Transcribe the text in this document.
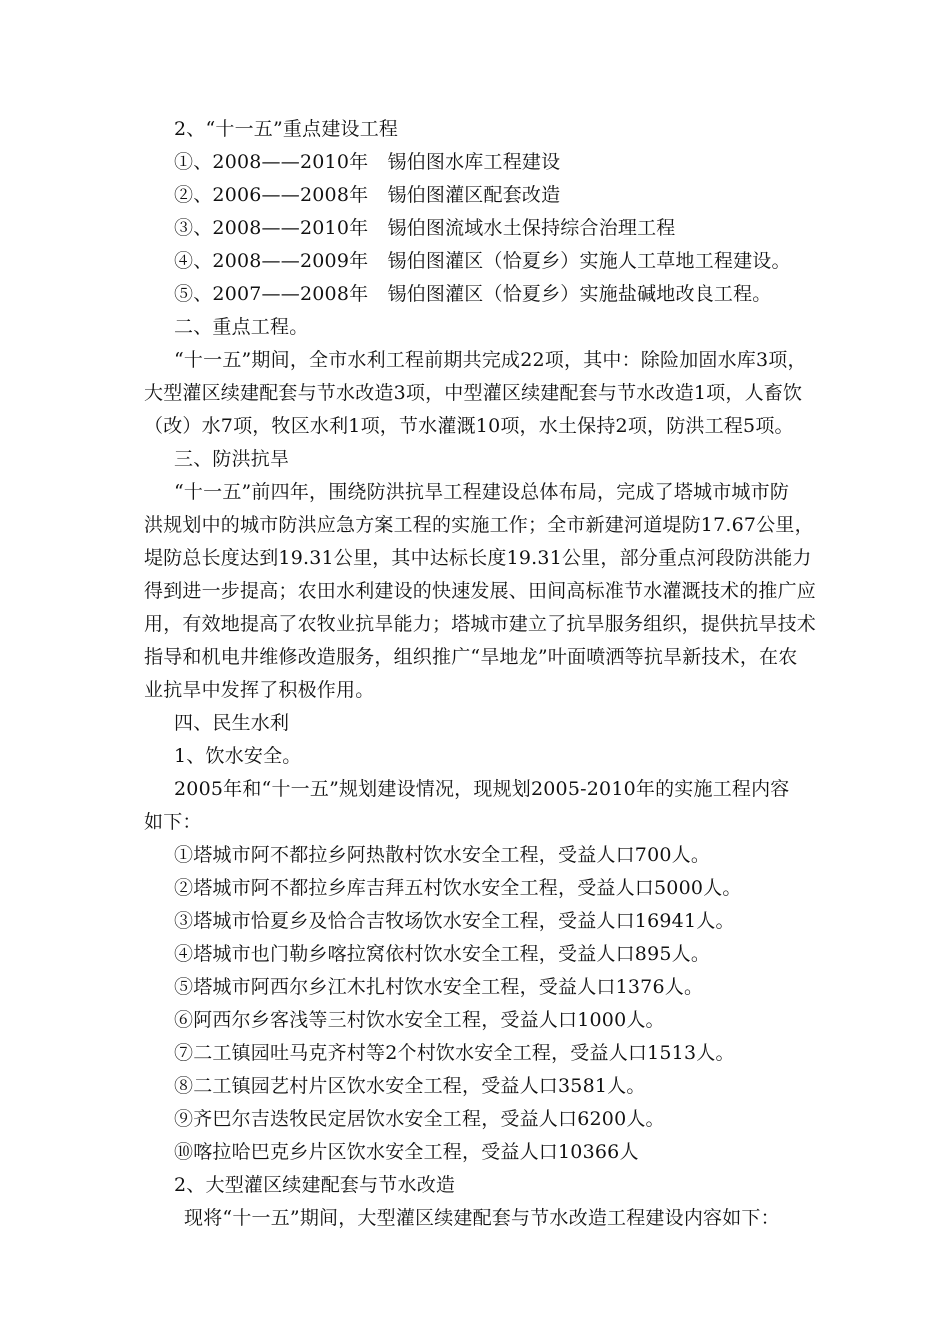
2、“十一五”重点建设工程
①、2008——2010年　锡伯图水库工程建设
②、2006——2008年　锡伯图灌区配套改造
③、2008——2010年　锡伯图流域水土保持综合治理工程
④、2008——2009年　锡伯图灌区（恰夏乡）实施人工草地工程建设。
⑤、2007——2008年　锡伯图灌区（恰夏乡）实施盐碱地改良工程。
二、重点工程。
“十一五”期间，全市水利工程前期共完成22项，其中：除险加固水库3项，
大型灌区续建配套与节水改造3项，中型灌区续建配套与节水改造1项，人畜饮
（改）水7项，牧区水利1项，节水灌溉10项，水土保持2项，防洪工程5项。
三、防洪抗旱
“十一五”前四年，围绕防洪抗旱工程建设总体布局，完成了塔城市城市防
洪规划中的城市防洪应急方案工程的实施工作；全市新建河道堤防17.67公里，
堤防总长度达到19.31公里，其中达标长度19.31公里，部分重点河段防洪能力
得到进一步提高；农田水利建设的快速发展、田间高标准节水灌溉技术的推广应
用，有效地提高了农牧业抗旱能力；塔城市建立了抗旱服务组织，提供抗旱技术
指导和机电井维修改造服务，组织推广“旱地龙”叶面喷洒等抗旱新技术，在农
业抗旱中发挥了积极作用。
四、民生水利
1、饮水安全。
2005年和“十一五”规划建设情况，现规划2005-2010年的实施工程内容
如下：
①塔城市阿不都拉乡阿热散村饮水安全工程，受益人口700人。
②塔城市阿不都拉乡库吉拜五村饮水安全工程，受益人口5000人。
③塔城市恰夏乡及恰合吉牧场饮水安全工程，受益人口16941人。
④塔城市也门勒乡喀拉窝依村饮水安全工程，受益人口895人。
⑤塔城市阿西尔乡江木扎村饮水安全工程，受益人口1376人。
⑥阿西尔乡客浅等三村饮水安全工程，受益人口1000人。
⑦二工镇园吐马克齐村等2个村饮水安全工程，受益人口1513人。
⑧二工镇园艺村片区饮水安全工程，受益人口3581人。
⑨齐巴尔吉迭牧民定居饮水安全工程，受益人口6200人。
⑩喀拉哈巴克乡片区饮水安全工程，受益人口10366人
2、大型灌区续建配套与节水改造
现将“十一五”期间，大型灌区续建配套与节水改造工程建设内容如下：
